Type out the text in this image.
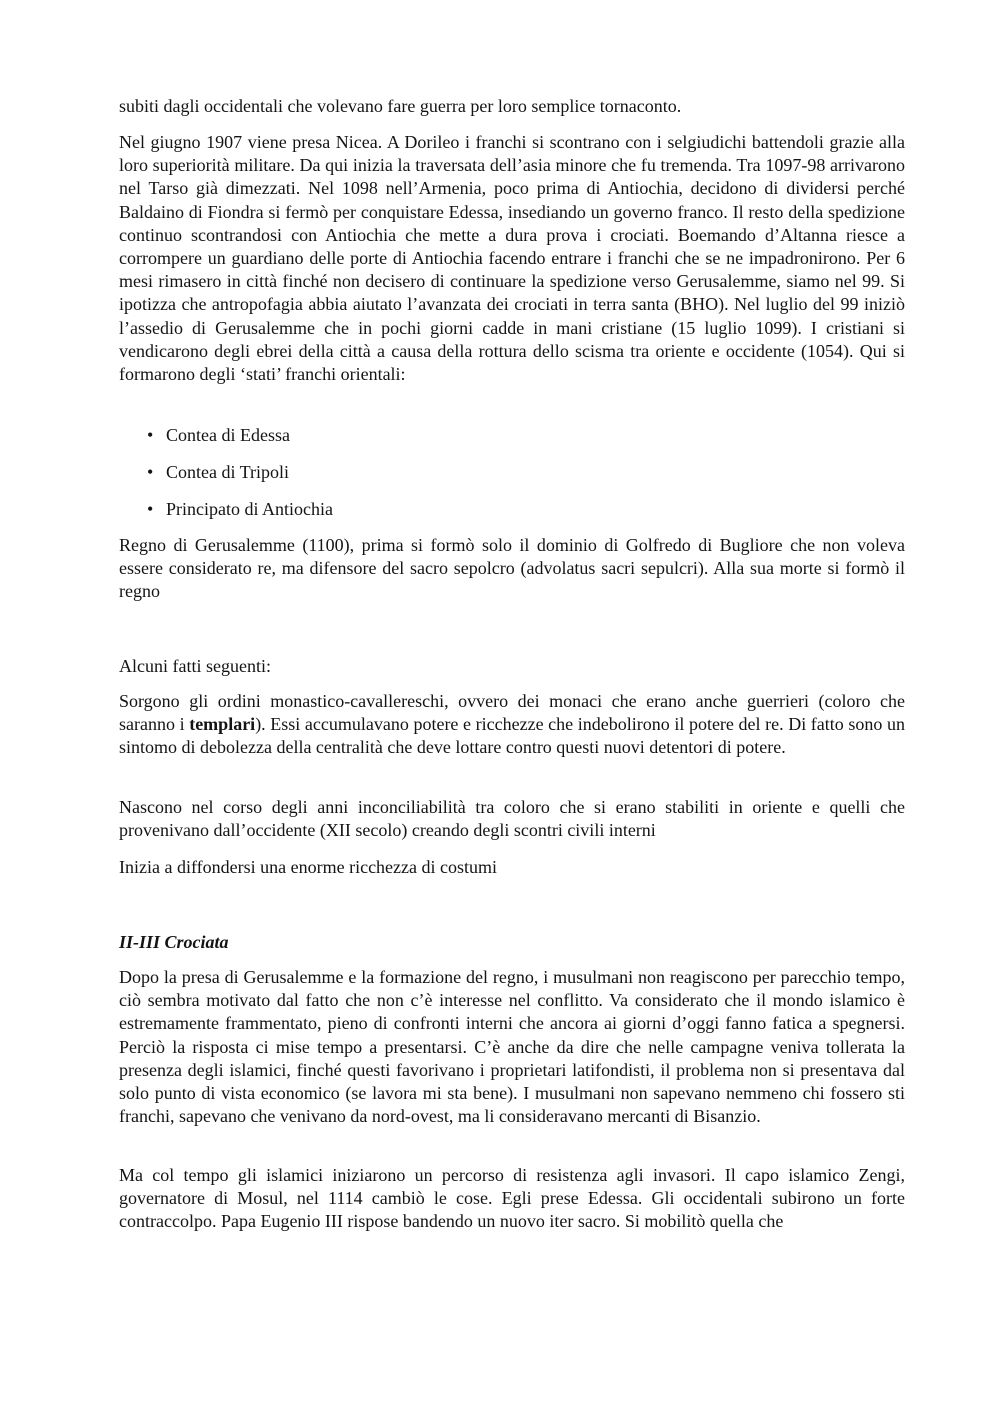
subiti dagli occidentali che volevano fare guerra per loro semplice tornaconto.

Nel giugno 1907 viene presa Nicea. A Dorileo i franchi si scontrano con i selgiudichi battendoli grazie alla loro superiorità militare. Da qui inizia la traversata dell’asia minore che fu tremenda. Tra 1097-98 arrivarono nel Tarso già dimezzati. Nel 1098 nell’Armenia, poco prima di Antiochia, decidono di dividersi perché Baldaino di Fiondra si fermò per conquistare Edessa, insediando un governo franco. Il resto della spedizione continuo scontrandosi con Antiochia che mette a dura prova i crociati. Boemando d’Altanna riesce a corrompere un guardiano delle porte di Antiochia facendo entrare i franchi che se ne impadronirono. Per 6 mesi rimasero in città finché non decisero di continuare la spedizione verso Gerusalemme, siamo nel 99. Si ipotizza che antropofagia abbia aiutato l’avanzata dei crociati in terra santa (BHO). Nel luglio del 99 iniziò l’assedio di Gerusalemme che in pochi giorni cadde in mani cristiane (15 luglio 1099). I cristiani si vendicarono degli ebrei della città a causa della rottura dello scisma tra oriente e occidente (1054). Qui si formarono degli ‘stati’ franchi orientali:

• Contea di Edessa
• Contea di Tripoli
• Principato di Antiochia

Regno di Gerusalemme (1100), prima si formò solo il dominio di Golfredo di Bugliore che non voleva essere considerato re, ma difensore del sacro sepolcro (advolatus sacri sepulcri). Alla sua morte si formò il regno

Alcuni fatti seguenti:

Sorgono gli ordini monastico-cavallereschi, ovvero dei monaci che erano anche guerrieri (coloro che saranno i templari). Essi accumulavano potere e ricchezze che indebolirono il potere del re. Di fatto sono un sintomo di debolezza della centralità che deve lottare contro questi nuovi detentori di potere.

Nascono nel corso degli anni inconciliabilità tra coloro che si erano stabiliti in oriente e quelli che provenivano dall’occidente (XII secolo) creando degli scontri civili interni

Inizia a diffondersi una enorme ricchezza di costumi

II-III Crociata

Dopo la presa di Gerusalemme e la formazione del regno, i musulmani non reagiscono per parecchio tempo, ciò sembra motivato dal fatto che non c’è interesse nel conflitto. Va considerato che il mondo islamico è estremamente frammentato, pieno di confronti interni che ancora ai giorni d’oggi fanno fatica a spegnersi. Perciò la risposta ci mise tempo a presentarsi. C’è anche da dire che nelle campagne veniva tollerata la presenza degli islamici, finché questi favorivano i proprietari latifondisti, il problema non si presentava dal solo punto di vista economico (se lavora mi sta bene). I musulmani non sapevano nemmeno chi fossero sti franchi, sapevano che venivano da nord-ovest, ma li consideravano mercanti di Bisanzio.

Ma col tempo gli islamici iniziarono un percorso di resistenza agli invasori. Il capo islamico Zengi, governatore di Mosul, nel 1114 cambiò le cose. Egli prese Edessa. Gli occidentali subirono un forte contraccolpo. Papa Eugenio III rispose bandendo un nuovo iter sacro. Si mobilitò quella che
